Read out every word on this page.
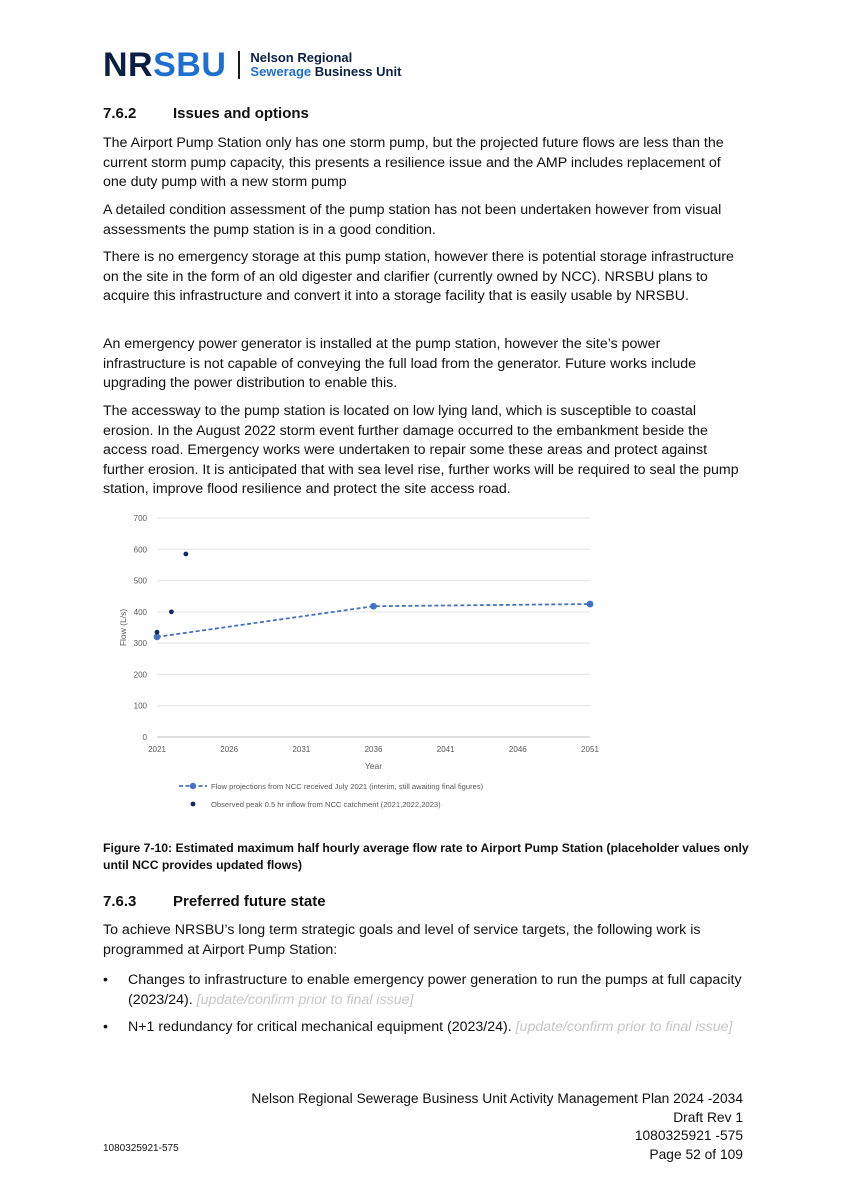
NRSBU Nelson Regional
Sewerage Business Unit
7.6.2 Issues and options
The Airport Pump Station only has one storm pump, but the projected future flows are less than the current storm pump capacity, this presents a resilience issue and the AMP includes replacement of one duty pump with a new storm pump
A detailed condition assessment of the pump station has not been undertaken however from visual assessments the pump station is in a good condition.
There is no emergency storage at this pump station, however there is potential storage infrastructure on the site in the form of an old digester and clarifier (currently owned by NCC). NRSBU plans to acquire this infrastructure and convert it into a storage facility that is easily usable by NRSBU.
An emergency power generator is installed at the pump station, however the site’s power infrastructure is not capable of conveying the full load from the generator. Future works include upgrading the power distribution to enable this.
The accessway to the pump station is located on low lying land, which is susceptible to coastal erosion. In the August 2022 storm event further damage occurred to the embankment beside the access road. Emergency works were undertaken to repair some these areas and protect against further erosion. It is anticipated that with sea level rise, further works will be required to seal the pump station, improve flood resilience and protect the site access road.
0
100
200
300
400
500
600
700
2021	2026	2031	2036	2041	2046	2051
Year
Flow (L/s)
Flow projections from NCC received July 2021 (interim, still awaiting final figures)
Observed peak 0.5 hr inflow from NCC catchment (2021,2022,2023)
Figure 7-10: Estimated maximum half hourly average flow rate to Airport Pump Station (placeholder values only until NCC provides updated flows)
7.6.3 Preferred future state
To achieve NRSBU’s long term strategic goals and level of service targets, the following work is programmed at Airport Pump Station:
• Changes to infrastructure to enable emergency power generation to run the pumps at full capacity (2023/24). [update/confirm prior to final issue]
• N+1 redundancy for critical mechanical equipment (2023/24). [update/confirm prior to final issue]
Nelson Regional Sewerage Business Unit Activity Management Plan 2024 -2034
Draft Rev 1
1080325921 -575
Page 52 of 109
1080325921-575
